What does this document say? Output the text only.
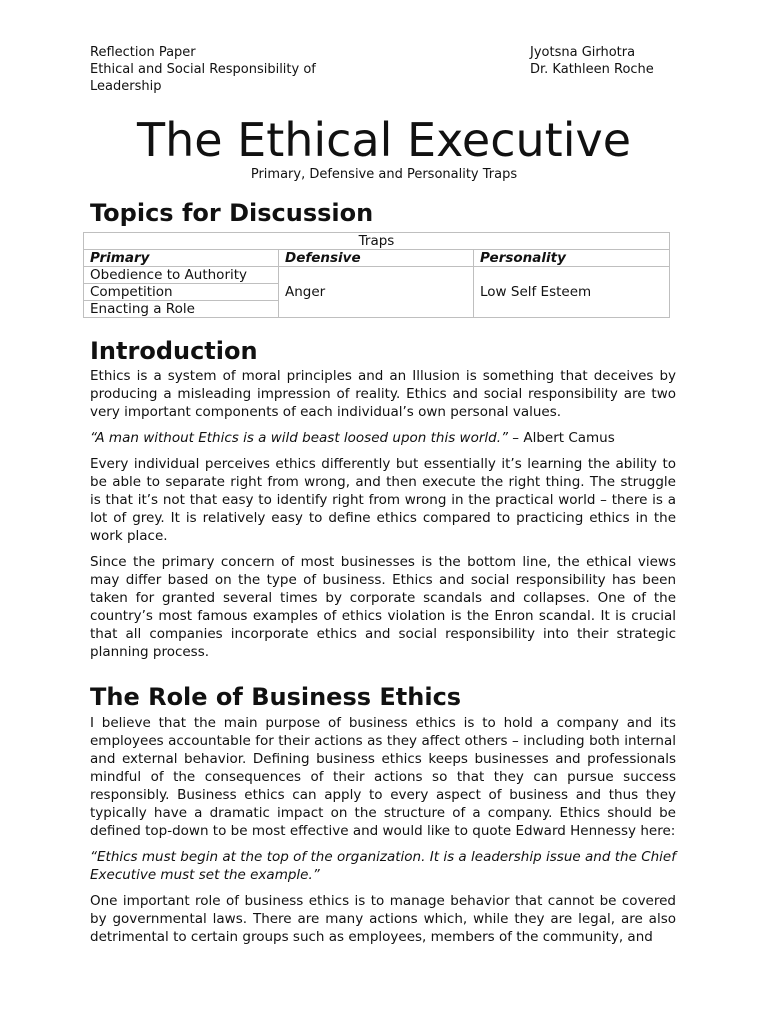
Reflection Paper
Ethical and Social Responsibility of
Leadership
Jyotsna Girhotra
Dr. Kathleen Roche
The Ethical Executive
Primary, Defensive and Personality Traps
Topics for Discussion
Traps		
Primary	Defensive	Personality
Obedience to Authority	Anger	Low Self Esteem
Competition		
Enacting a Role		
Introduction

Ethics is a system of moral principles and an Illusion is something that deceives by producing a misleading impression of reality. Ethics and social responsibility are two very important components of each individual’s own personal values.

“A man without Ethics is a wild beast loosed upon this world.” – Albert Camus

Every individual perceives ethics differently but essentially it’s learning the ability to be able to separate right from wrong, and then execute the right thing. The struggle is that it’s not that easy to identify right from wrong in the practical world – there is a lot of grey. It is relatively easy to define ethics compared to practicing ethics in the work place.

Since the primary concern of most businesses is the bottom line, the ethical views may differ based on the type of business. Ethics and social responsibility has been taken for granted several times by corporate scandals and collapses. One of the country’s most famous examples of ethics violation is the Enron scandal. It is crucial that all companies incorporate ethics and social responsibility into their strategic planning process.

The Role of Business Ethics

I believe that the main purpose of business ethics is to hold a company and its employees accountable for their actions as they affect others – including both internal and external behavior. Defining business ethics keeps businesses and professionals mindful of the consequences of their actions so that they can pursue success responsibly. Business ethics can apply to every aspect of business and thus they typically have a dramatic impact on the structure of a company. Ethics should be defined top-down to be most effective and would like to quote Edward Hennessy here:

“Ethics must begin at the top of the organization. It is a leadership issue and the Chief Executive must set the example.”

One important role of business ethics is to manage behavior that cannot be covered by governmental laws. There are many actions which, while they are legal, are also detrimental to certain groups such as employees, members of the community, and
